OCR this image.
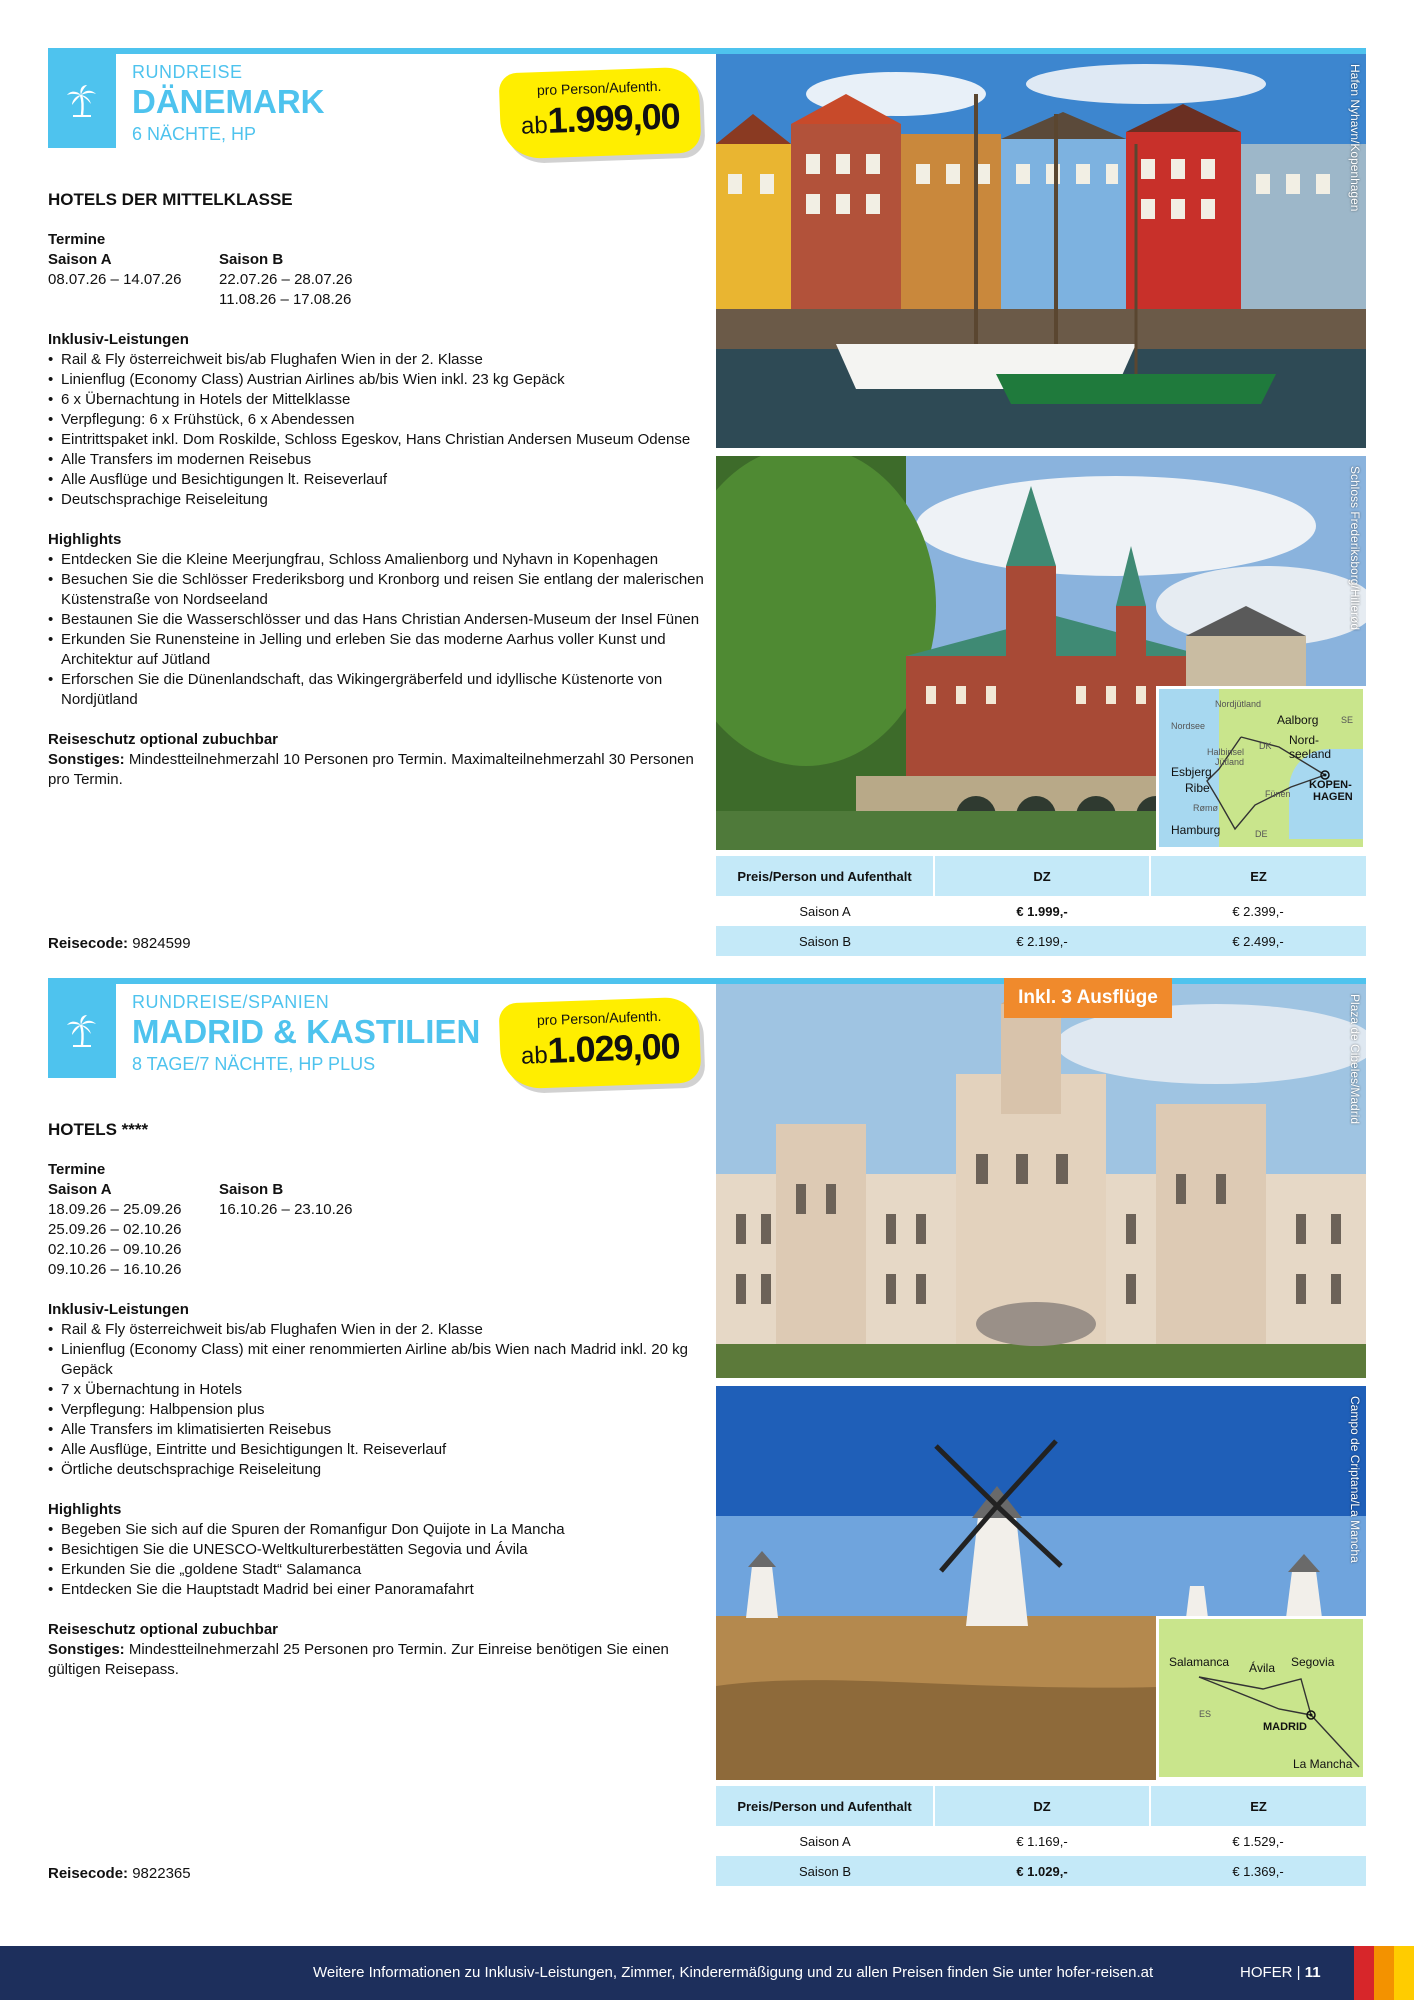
RUNDREISE
DÄNEMARK
6 NÄCHTE, HP
pro Person/Aufenth.
ab1.999,00
HOTELS DER MITTELKLASSE
Termine
Saison A
08.07.26 – 14.07.26
Saison B
22.07.26 – 28.07.26
11.08.26 – 17.08.26
Inklusiv-Leistungen
• Rail & Fly österreichweit bis/ab Flughafen Wien in der 2. Klasse
• Linienflug (Economy Class) Austrian Airlines ab/bis Wien inkl. 23 kg Gepäck
• 6 x Übernachtung in Hotels der Mittelklasse
• Verpflegung: 6 x Frühstück, 6 x Abendessen
• Eintrittspaket inkl. Dom Roskilde, Schloss Egeskov, Hans Christian Andersen Museum Odense
• Alle Transfers im modernen Reisebus
• Alle Ausflüge und Besichtigungen lt. Reiseverlauf
• Deutschsprachige Reiseleitung
Highlights
• Entdecken Sie die Kleine Meerjungfrau, Schloss Amalienborg und Nyhavn in Kopenhagen
• Besuchen Sie die Schlösser Frederiksborg und Kronborg und reisen Sie entlang der malerischen Küstenstraße von Nordseeland
• Bestaunen Sie die Wasserschlösser und das Hans Christian Andersen-Museum der Insel Fünen
• Erkunden Sie Runensteine in Jelling und erleben Sie das moderne Aarhus voller Kunst und Architektur auf Jütland
• Erforschen Sie die Dünenlandschaft, das Wikingergräberfeld und idyllische Küstenorte von Nordjütland
Reiseschutz optional zubuchbar
Sonstiges: Mindestteilnehmerzahl 10 Personen pro Termin. Maximalteilnehmerzahl 30 Personen pro Termin.
Reisecode: 9824599
Hafen Nyhavn/Kopenhagen
Schloss Frederiksborg/Hillerød
Nordjütland
Nordsee
SE
Halbinsel
Jütland
DK
Aalborg
Nord-
seeland
Esbjerg
Ribe	Fünen
KOPEN-
HAGEN
Rømø
Hamburg	DE
Preis/Person und Aufenthalt	DZ	EZ
Saison A	€ 1.999,-	€ 2.399,-
Saison B	€ 2.199,-	€ 2.499,-
RUNDREISE/SPANIEN
MADRID & KASTILIEN
8 TAGE/7 NÄCHTE, HP PLUS
pro Person/Aufenth.
ab1.029,00
HOTELS ****
Termine
Saison A
18.09.26 – 25.09.26
25.09.26 – 02.10.26
02.10.26 – 09.10.26
09.10.26 – 16.10.26
Saison B
16.10.26 – 23.10.26
Inklusiv-Leistungen
• Rail & Fly österreichweit bis/ab Flughafen Wien in der 2. Klasse
• Linienflug (Economy Class) mit einer renommierten Airline ab/bis Wien nach Madrid inkl. 20 kg Gepäck
• 7 x Übernachtung in Hotels
• Verpflegung: Halbpension plus
• Alle Transfers im klimatisierten Reisebus
• Alle Ausflüge, Eintritte und Besichtigungen lt. Reiseverlauf
• Örtliche deutschsprachige Reiseleitung
Highlights
• Begeben Sie sich auf die Spuren der Romanfigur Don Quijote in La Mancha
• Besichtigen Sie die UNESCO-Weltkulturerbestätten Segovia und Ávila
• Erkunden Sie die „goldene Stadt“ Salamanca
• Entdecken Sie die Hauptstadt Madrid bei einer Panoramafahrt
Reiseschutz optional zubuchbar
Sonstiges: Mindestteilnehmerzahl 25 Personen pro Termin. Zur Einreise benötigen Sie einen gültigen Reisepass.
Reisecode: 9822365
Plaza de Cibeles/Madrid
Inkl. 3 Ausflüge
Campo de Criptana/La Mancha
Salamanca Ávila Segovia
ES
MADRID
La Mancha
Preis/Person und Aufenthalt	DZ	EZ
Saison A	€ 1.169,-	€ 1.529,-
Saison B	€ 1.029,-	€ 1.369,-
Weitere Informationen zu Inklusiv-Leistungen, Zimmer, Kinderermäßigung und zu allen Preisen finden Sie unter hofer-reisen.at	HOFER | 11
